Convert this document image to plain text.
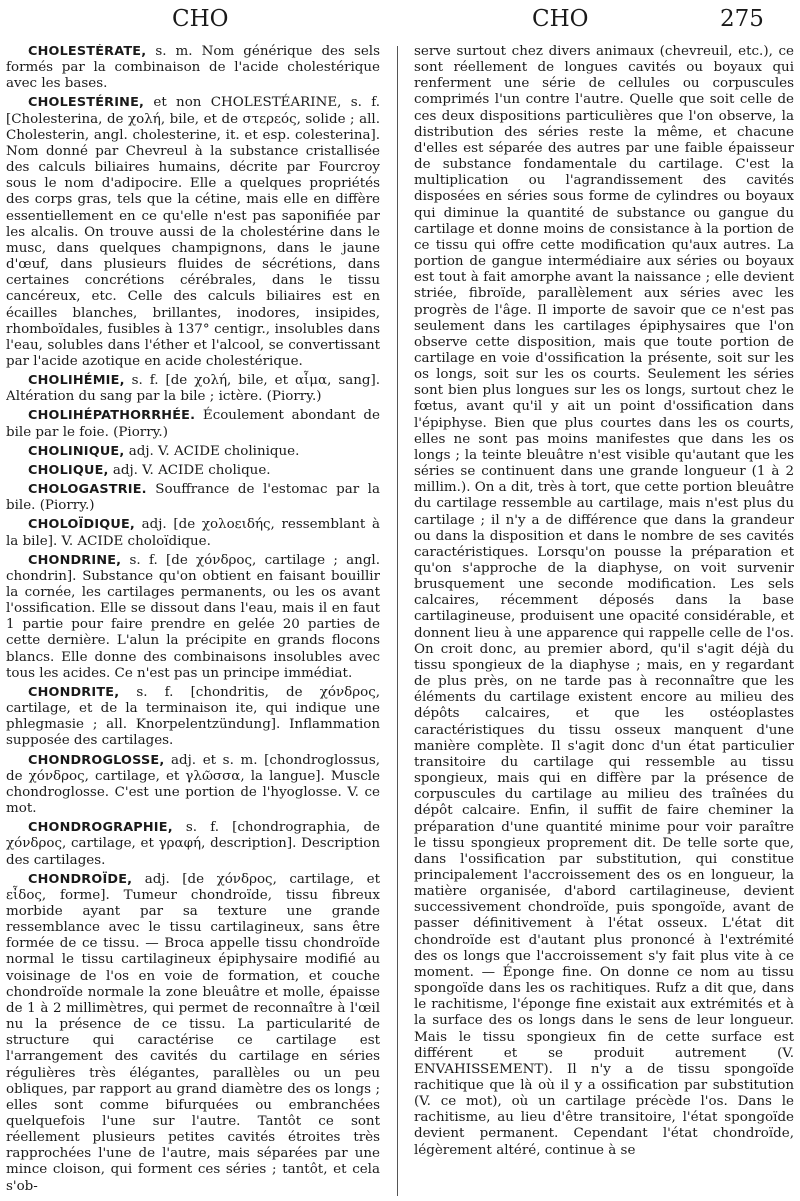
CHO	CHO	275

CHOLESTÉRATE, s. m. Nom générique des sels formés par la combinaison de l'acide cholestérique avec les bases.

CHOLESTÉRINE, et non CHOLESTÉARINE, s. f. [Cholesterina, de χολή, bile, et de στερεός, solide ; all. Cholesterin, angl. cholesterine, it. et esp. colesterina]. Nom donné par Chevreul à la substance cristallisée des calculs biliaires humains, décrite par Fourcroy sous le nom d'adipocire. Elle a quelques propriétés des corps gras, tels que la cétine, mais elle en diffère essentiellement en ce qu'elle n'est pas saponifiée par les alcalis. On trouve aussi de la cholestérine dans le musc, dans quelques champignons, dans le jaune d'œuf, dans plusieurs fluides de sécrétions, dans certaines concrétions cérébrales, dans le tissu cancéreux, etc. Celle des calculs biliaires est en écailles blanches, brillantes, inodores, insipides, rhomboïdales, fusibles à 137° centigr., insolubles dans l'eau, solubles dans l'éther et l'alcool, se convertissant par l'acide azotique en acide cholestérique.

CHOLIHÉMIE, s. f. [de χολή, bile, et αἷμα, sang]. Altération du sang par la bile ; ictère. (Piorry.)

CHOLIHÉPATHORRHÉE. Écoulement abondant de bile par le foie. (Piorry.)

CHOLINIQUE, adj. V. ACIDE cholinique.

CHOLIQUE, adj. V. ACIDE cholique.

CHOLOGASTRIE. Souffrance de l'estomac par la bile. (Piorry.)

CHOLOÏDIQUE, adj. [de χολοειδής, ressemblant à la bile]. V. ACIDE choloïdique.

CHONDRINE, s. f. [de χόνδρος, cartilage ; angl. chondrin]. Substance qu'on obtient en faisant bouillir la cornée, les cartilages permanents, ou les os avant l'ossification. Elle se dissout dans l'eau, mais il en faut 1 partie pour faire prendre en gelée 20 parties de cette dernière. L'alun la précipite en grands flocons blancs. Elle donne des combinaisons insolubles avec tous les acides. Ce n'est pas un principe immédiat.

CHONDRITE, s. f. [chondritis, de χόνδρος, cartilage, et de la terminaison ite, qui indique une phlegmasie ; all. Knorpelentzündung]. Inflammation supposée des cartilages.

CHONDROGLOSSE, adj. et s. m. [chondroglossus, de χόνδρος, cartilage, et γλῶσσα, la langue]. Muscle chondroglosse. C'est une portion de l'hyoglosse. V. ce mot.

CHONDROGRAPHIE, s. f. [chondrographia, de χόνδρος, cartilage, et γραφή, description]. Description des cartilages.

CHONDROÏDE, adj. [de χόνδρος, cartilage, et εἶδος, forme]. Tumeur chondroïde, tissu fibreux morbide ayant par sa texture une grande ressemblance avec le tissu cartilagineux, sans être formée de ce tissu. — Broca appelle tissu chondroïde normal le tissu cartilagineux épiphysaire modifié au voisinage de l'os en voie de formation, et couche chondroïde normale la zone bleuâtre et molle, épaisse de 1 à 2 millimètres, qui permet de reconnaître à l'œil nu la présence de ce tissu. La particularité de structure qui caractérise ce cartilage est l'arrangement des cavités du cartilage en séries régulières très élégantes, parallèles ou un peu obliques, par rapport au grand diamètre des os longs ; elles sont comme bifurquées ou embranchées quelquefois l'une sur l'autre. Tantôt ce sont réellement plusieurs petites cavités étroites très rapprochées l'une de l'autre, mais séparées par une mince cloison, qui forment ces séries ; tantôt, et cela s'ob-

serve surtout chez divers animaux (chevreuil, etc.), ce sont réellement de longues cavités ou boyaux qui renferment une série de cellules ou corpuscules comprimés l'un contre l'autre. Quelle que soit celle de ces deux dispositions particulières que l'on observe, la distribution des séries reste la même, et chacune d'elles est séparée des autres par une faible épaisseur de substance fondamentale du cartilage. C'est la multiplication ou l'agrandissement des cavités disposées en séries sous forme de cylindres ou boyaux qui diminue la quantité de substance ou gangue du cartilage et donne moins de consistance à la portion de ce tissu qui offre cette modification qu'aux autres. La portion de gangue intermédiaire aux séries ou boyaux est tout à fait amorphe avant la naissance ; elle devient striée, fibroïde, parallèlement aux séries avec les progrès de l'âge. Il importe de savoir que ce n'est pas seulement dans les cartilages épiphysaires que l'on observe cette disposition, mais que toute portion de cartilage en voie d'ossification la présente, soit sur les os longs, soit sur les os courts. Seulement les séries sont bien plus longues sur les os longs, surtout chez le fœtus, avant qu'il y ait un point d'ossification dans l'épiphyse. Bien que plus courtes dans les os courts, elles ne sont pas moins manifestes que dans les os longs ; la teinte bleuâtre n'est visible qu'autant que les séries se continuent dans une grande longueur (1 à 2 millim.). On a dit, très à tort, que cette portion bleuâtre du cartilage ressemble au cartilage, mais n'est plus du cartilage ; il n'y a de différence que dans la grandeur ou dans la disposition et dans le nombre de ses cavités caractéristiques. Lorsqu'on pousse la préparation et qu'on s'approche de la diaphyse, on voit survenir brusquement une seconde modification. Les sels calcaires, récemment déposés dans la base cartilagineuse, produisent une opacité considérable, et donnent lieu à une apparence qui rappelle celle de l'os. On croit donc, au premier abord, qu'il s'agit déjà du tissu spongieux de la diaphyse ; mais, en y regardant de plus près, on ne tarde pas à reconnaître que les éléments du cartilage existent encore au milieu des dépôts calcaires, et que les ostéoplastes caractéristiques du tissu osseux manquent d'une manière complète. Il s'agit donc d'un état particulier transitoire du cartilage qui ressemble au tissu spongieux, mais qui en diffère par la présence de corpuscules du cartilage au milieu des traînées du dépôt calcaire. Enfin, il suffit de faire cheminer la préparation d'une quantité minime pour voir paraître le tissu spongieux proprement dit. De telle sorte que, dans l'ossification par substitution, qui constitue principalement l'accroissement des os en longueur, la matière organisée, d'abord cartilagineuse, devient successivement chondroïde, puis spongoïde, avant de passer définitivement à l'état osseux. L'état dit chondroïde est d'autant plus prononcé à l'extrémité des os longs que l'accroissement s'y fait plus vite à ce moment. — Éponge fine. On donne ce nom au tissu spongoïde dans les os rachitiques. Rufz a dit que, dans le rachitisme, l'éponge fine existait aux extrémités et à la surface des os longs dans le sens de leur longueur. Mais le tissu spongieux fin de cette surface est différent et se produit autrement (V. ENVAHISSEMENT). Il n'y a de tissu spongoïde rachitique que là où il y a ossification par substitution (V. ce mot), où un cartilage précède l'os. Dans le rachitisme, au lieu d'être transitoire, l'état spongoïde devient permanent. Cependant l'état chondroïde, légèrement altéré, continue à se
